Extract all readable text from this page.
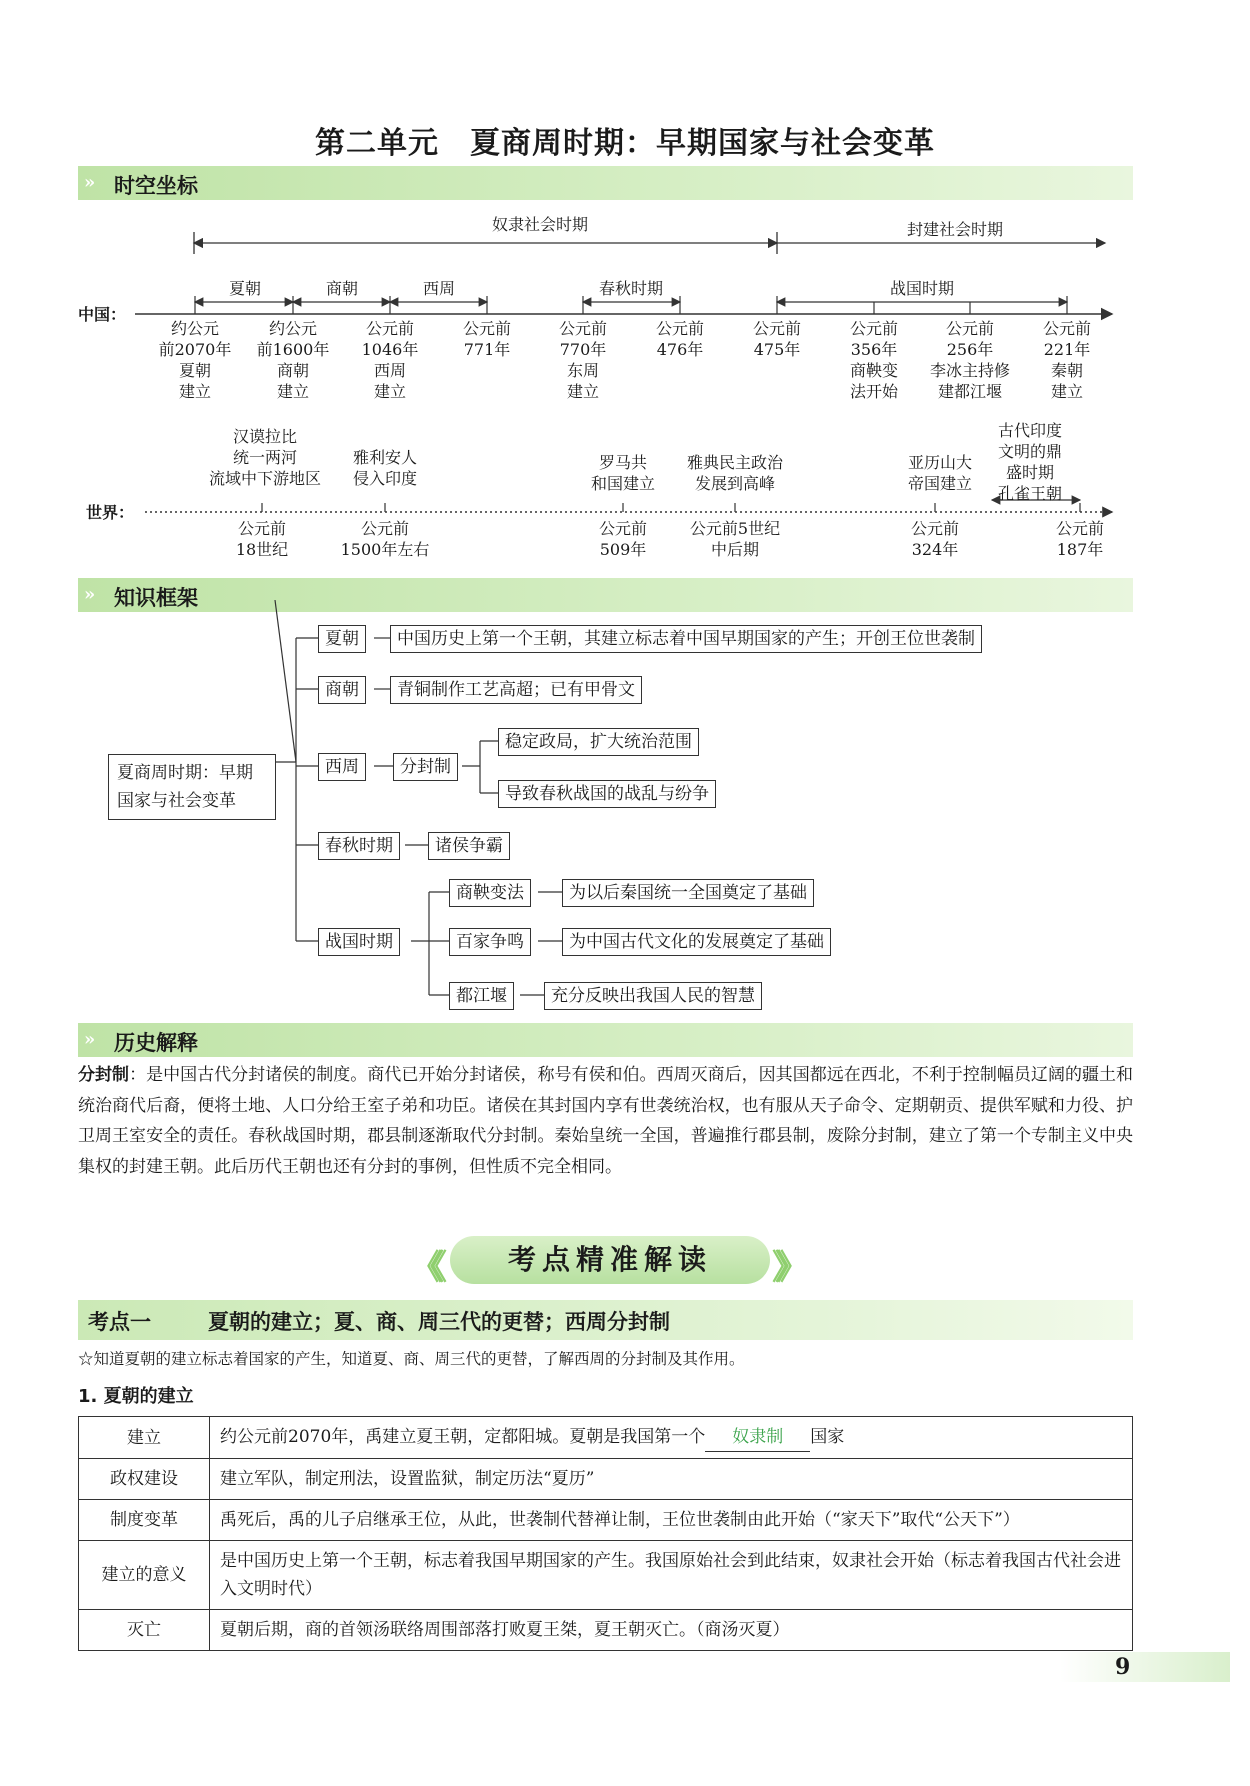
第二单元　夏商周时期：早期国家与社会变革
» 时空坐标
奴隶社会时期	封建社会时期
中国：
世界：
夏朝	商朝	西周	春秋时期	战国时期
约公元
前2070年
夏朝
建立
约公元
前1600年
商朝
建立
公元前
1046年
西周
建立
公元前
771年
公元前
770年
东周
建立
公元前
476年
公元前
475年
公元前
356年
商鞅变
法开始
公元前
256年
李冰主持修
建都江堰
公元前
221年
秦朝
建立
汉谟拉比
统一两河
流域中下游地区
雅利安人
侵入印度
罗马共
和国建立
雅典民主政治
发展到高峰
亚历山大
帝国建立
古代印度
文明的鼎
盛时期
孔雀王朝
公元前
18世纪
公元前
1500年左右
公元前
509年
公元前5世纪
中后期
公元前
324年
公元前
187年
» 知识框架
夏商周时期：早期国家与社会变革
夏朝	中国历史上第一个王朝，其建立标志着中国早期国家的产生；开创王位世袭制
商朝	青铜制作工艺高超；已有甲骨文
西周	分封制
稳定政局，扩大统治范围
导致春秋战国的战乱与纷争
春秋时期	诸侯争霸
战国时期
商鞅变法	为以后秦国统一全国奠定了基础
百家争鸣	为中国古代文化的发展奠定了基础
都江堰	充分反映出我国人民的智慧
» 历史解释
分封制：是中国古代分封诸侯的制度。商代已开始分封诸侯，称号有侯和伯。西周灭商后，因其国都远在西北，不利于控制幅员辽阔的疆土和统治商代后裔，便将土地、人口分给王室子弟和功臣。诸侯在其封国内享有世袭统治权，也有服从天子命令、定期朝贡、提供军赋和力役、护卫周王室安全的责任。春秋战国时期，郡县制逐渐取代分封制。秦始皇统一全国，普遍推行郡县制，废除分封制，建立了第一个专制主义中央集权的封建王朝。此后历代王朝也还有分封的事例，但性质不完全相同。
《《	考点精准解读	》》
考点一	夏朝的建立；夏、商、周三代的更替；西周分封制
☆知道夏朝的建立标志着国家的产生，知道夏、商、周三代的更替，了解西周的分封制及其作用。
1. 夏朝的建立
建立	约公元前2070年，禹建立夏王朝，定都阳城。夏朝是我国第一个 奴隶制 国家
政权建设	建立军队，制定刑法，设置监狱，制定历法“夏历”
制度变革	禹死后，禹的儿子启继承王位，从此，世袭制代替禅让制，王位世袭制由此开始（“家天下”取代“公天下”）
建立的意义	是中国历史上第一个王朝，标志着我国早期国家的产生。我国原始社会到此结束，奴隶社会开始（标志着我国古代社会进入文明时代）
灭亡	夏朝后期，商的首领汤联络周围部落打败夏王桀，夏王朝灭亡。（商汤灭夏）
9
